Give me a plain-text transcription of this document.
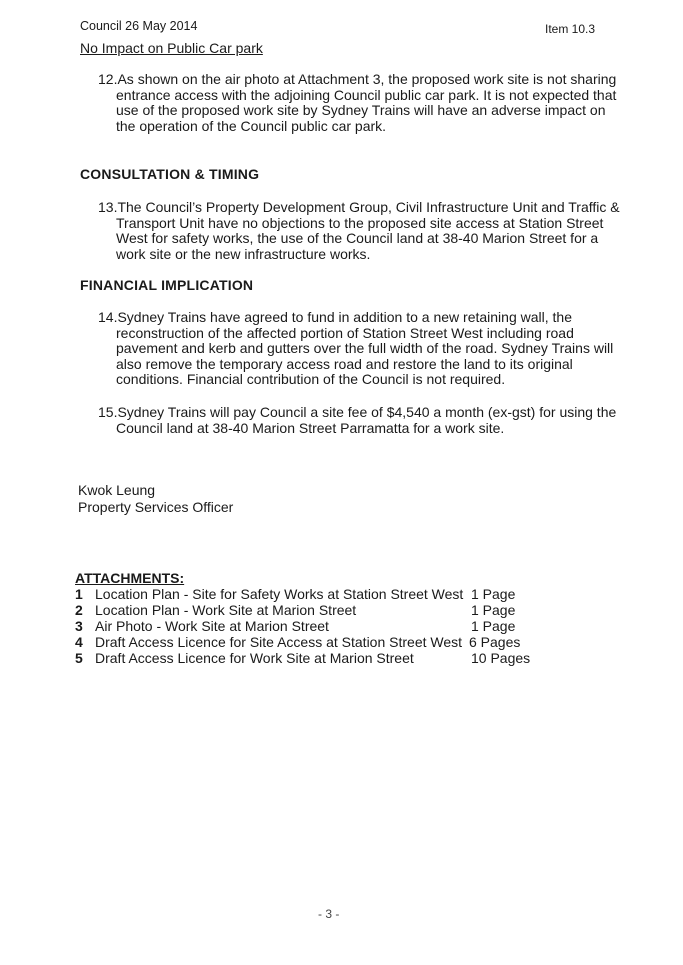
Council 26 May 2014	Item 10.3
No Impact on Public Car park
12.As shown on the air photo at Attachment 3, the proposed work site is not sharing entrance access with the adjoining Council public car park. It is not expected that use of the proposed work site by Sydney Trains will have an adverse impact on the operation of the Council public car park.
CONSULTATION & TIMING
13.The Council’s Property Development Group, Civil Infrastructure Unit and Traffic & Transport Unit have no objections to the proposed site access at Station Street West for safety works, the use of the Council land at 38-40 Marion Street for a work site or the new infrastructure works.
FINANCIAL IMPLICATION
14.Sydney Trains have agreed to fund in addition to a new retaining wall, the reconstruction of the affected portion of Station Street West including road pavement and kerb and gutters over the full width of the road. Sydney Trains will also remove the temporary access road and restore the land to its original conditions. Financial contribution of the Council is not required.
15.Sydney Trains will pay Council a site fee of $4,540 a month (ex-gst) for using the Council land at 38-40 Marion Street Parramatta for a work site.
Kwok Leung
Property Services Officer
ATTACHMENTS:
1 Location Plan - Site for Safety Works at Station Street West 1 Page
2 Location Plan - Work Site at Marion Street	1 Page
3 Air Photo - Work Site at Marion Street	1 Page
4 Draft Access Licence for Site Access at Station Street West 6 Pages
5 Draft Access Licence for Work Site at Marion Street	10 Pages
- 3 -
